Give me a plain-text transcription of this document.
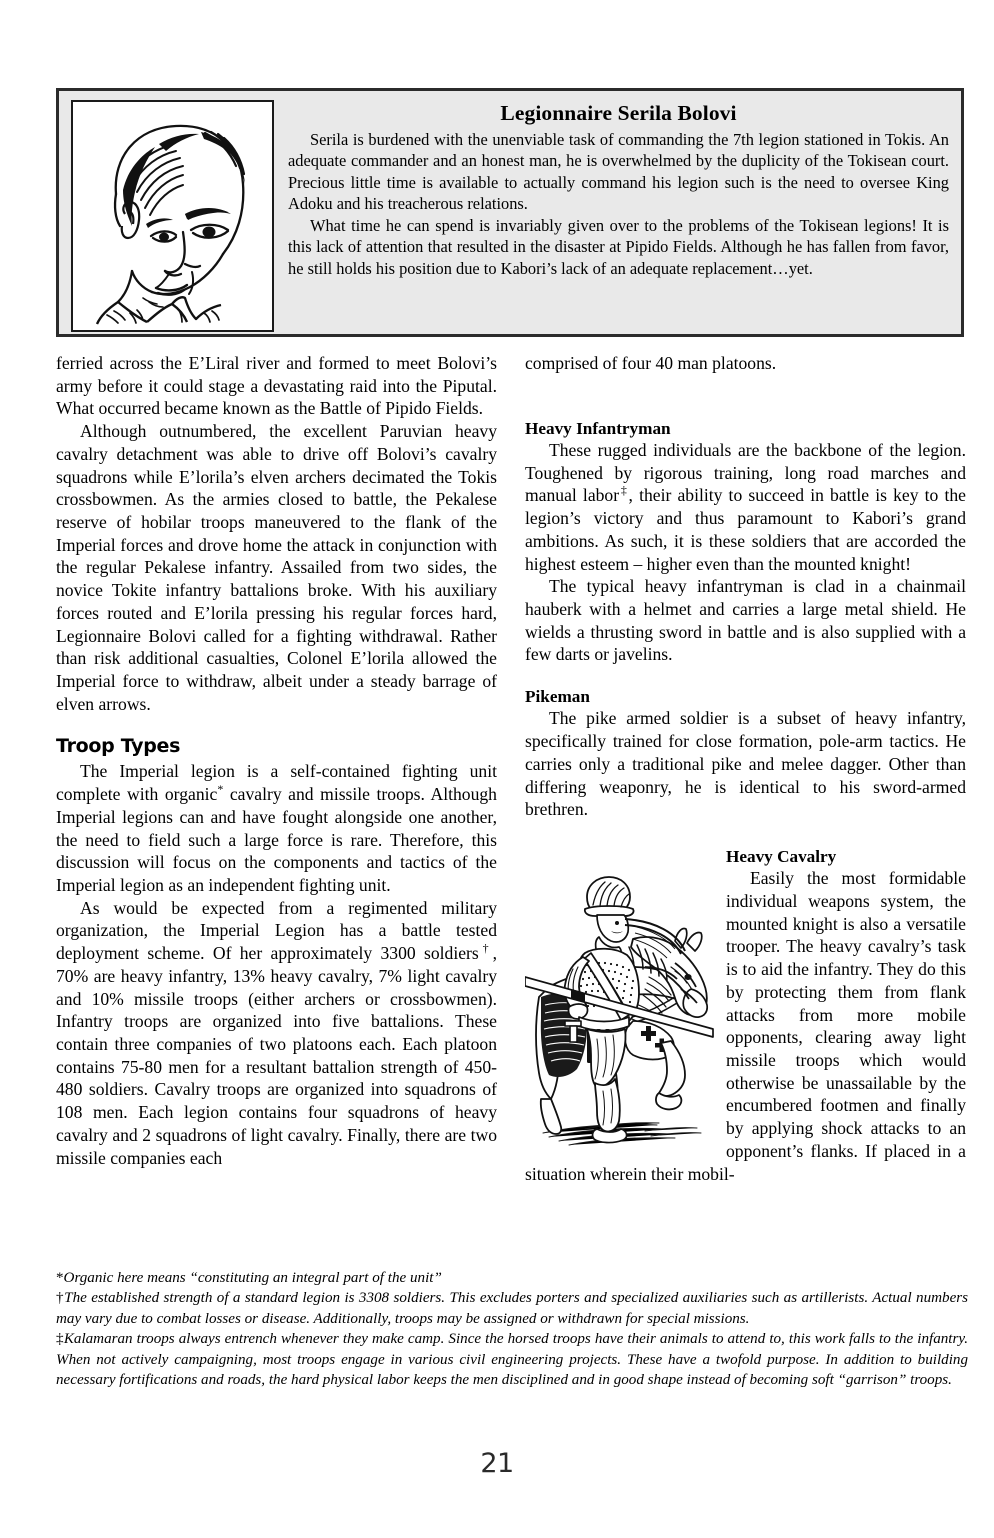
Legionnaire Serila Bolovi

Serila is burdened with the unenviable task of commanding the 7th legion stationed in Tokis. An adequate commander and an honest man, he is overwhelmed by the duplicity of the Tokisean court. Precious little time is available to actually command his legion such is the need to oversee King Adoku and his treacherous relations.

What time he can spend is invariably given over to the problems of the Tokisean legions! It is this lack of attention that resulted in the disaster at Pipido Fields. Although he has fallen from favor, he still holds his position due to Kabori’s lack of an adequate replacement…yet.

ferried across the E’Liral river and formed to meet Bolovi’s army before it could stage a devastating raid into the Piputal. What occurred became known as the Battle of Pipido Fields.

Although outnumbered, the excellent Paruvian heavy cavalry detachment was able to drive off Bolovi’s cavalry squadrons while E’lorila’s elven archers decimated the Tokis crossbowmen. As the armies closed to battle, the Pekalese reserve of hobilar troops maneuvered to the flank of the Imperial forces and drove home the attack in conjunction with the regular Pekalese infantry. Assailed from two sides, the novice Tokite infantry battalions broke. With his auxiliary forces routed and E’lorila pressing his regular forces hard, Legionnaire Bolovi called for a fighting withdrawal. Rather than risk additional casualties, Colonel E’lorila allowed the Imperial force to withdraw, albeit under a steady barrage of elven arrows.

Troop Types

The Imperial legion is a self-contained fighting unit complete with organic* cavalry and missile troops. Although Imperial legions can and have fought alongside one another, the need to field such a large force is rare. Therefore, this discussion will focus on the components and tactics of the Imperial legion as an independent fighting unit.

As would be expected from a regimented military organization, the Imperial Legion has a battle tested deployment scheme. Of her approximately 3300 soldiers†, 70% are heavy infantry, 13% heavy cavalry, 7% light cavalry and 10% missile troops (either archers or crossbowmen). Infantry troops are organized into five battalions. These contain three companies of two platoons each. Each platoon contains 75-80 men for a resultant battalion strength of 450-480 soldiers. Cavalry troops are organized into squadrons of 108 men. Each legion contains four squadrons of heavy cavalry and 2 squadrons of light cavalry. Finally, there are two missile companies each

comprised of four 40 man platoons.

Heavy Infantryman

These rugged individuals are the backbone of the legion. Toughened by rigorous training, long road marches and manual labor‡, their ability to succeed in battle is key to the legion’s victory and thus paramount to Kabori’s grand ambitions. As such, it is these soldiers that are accorded the highest esteem – higher even than the mounted knight!

The typical heavy infantryman is clad in a chainmail hauberk with a helmet and carries a large metal shield. He wields a thrusting sword in battle and is also supplied with a few darts or javelins.

Pikeman

The pike armed soldier is a subset of heavy infantry, specifically trained for close formation, pole-arm tactics. He carries only a traditional pike and melee dagger. Other than differing weaponry, he is identical to his sword-armed brethren.

Heavy Cavalry

Easily the most formidable individual weapons system, the mounted knight is also a versatile trooper. The heavy cavalry’s task is to aid the infantry. They do this by protecting them from flank attacks from more mobile opponents, clearing away light missile troops which would otherwise be unassailable by the encumbered footmen and finally by applying shock attacks to an opponent’s flanks. If placed in a situation wherein their mobil-

*Organic here means “constituting an integral part of the unit”

†The established strength of a standard legion is 3308 soldiers. This excludes porters and specialized auxiliaries such as artillerists. Actual numbers may vary due to combat losses or disease. Additionally, troops may be assigned or withdrawn for special missions.

‡Kalamaran troops always entrench whenever they make camp. Since the horsed troops have their animals to attend to, this work falls to the infantry. When not actively campaigning, most troops engage in various civil engineering projects. These have a twofold purpose. In addition to building necessary fortifications and roads, the hard physical labor keeps the men disciplined and in good shape instead of becoming soft “garrison” troops.

21
